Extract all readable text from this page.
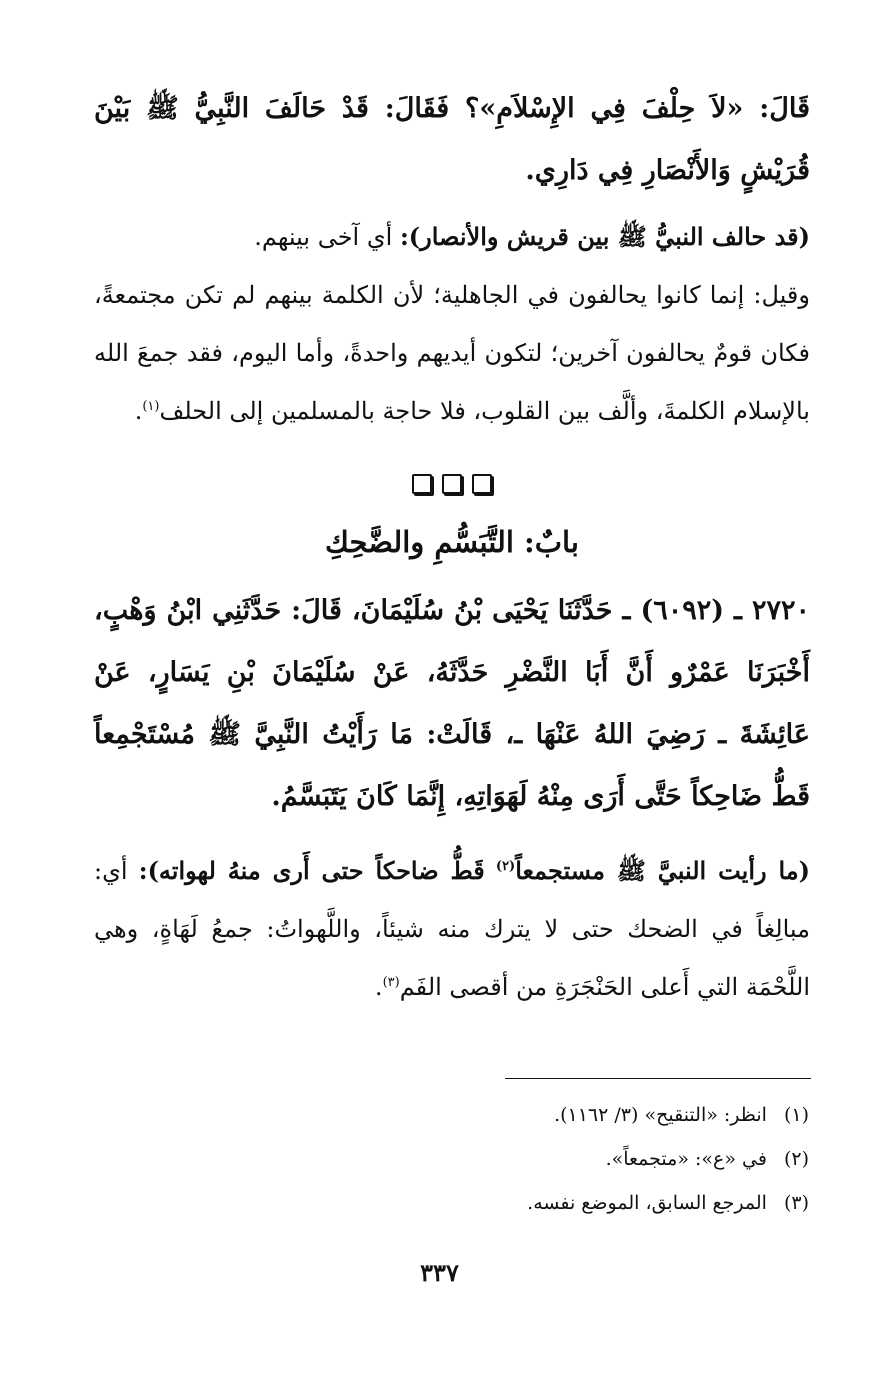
قَالَ: «لاَ حِلْفَ فِي الإِسْلاَمِ»؟ فَقَالَ: قَدْ حَالَفَ النَّبِيُّ ﷺ بَيْنَ قُرَيْشٍ وَالأَنْصَارِ فِي دَارِي.

(قد حالف النبيُّ ﷺ بين قريش والأنصار): أي آخى بينهم.

وقيل: إنما كانوا يحالفون في الجاهلية؛ لأن الكلمة بينهم لم تكن مجتمعةً، فكان قومٌ يحالفون آخرين؛ لتكون أيديهم واحدةً، وأما اليوم، فقد جمعَ الله بالإسلام الكلمةَ، وألَّف بين القلوب، فلا حاجة بالمسلمين إلى الحلف$^{(١)}$.

بابٌ: التَّبَسُّمِ والضَّحِكِ

٢٧٢٠ ـ (٦٠٩٢) ـ حَدَّثَنَا يَحْيَى بْنُ سُلَيْمَانَ، قَالَ: حَدَّثَنِي ابْنُ وَهْبٍ، أَخْبَرَنَا عَمْرٌو أَنَّ أَبَا النَّضْرِ حَدَّثَهُ، عَنْ سُلَيْمَانَ بْنِ يَسَارٍ، عَنْ عَائِشَةَ ـ رَضِيَ اللهُ عَنْهَا ـ، قَالَتْ: مَا رَأَيْتُ النَّبِيَّ ﷺ مُسْتَجْمِعاً قَطُّ ضَاحِكاً حَتَّى أَرَى مِنْهُ لَهَوَاتِهِ، إِنَّمَا كَانَ يَتَبَسَّمُ.

(ما رأيت النبيَّ ﷺ مستجمعاً$^{(٢)}$ قَطُّ ضاحكاً حتى أَرى منهُ لهواته): أي: مبالِغاً في الضحك حتى لا يترك منه شيئاً، واللَّهواتُ: جمعُ لَهَاةٍ، وهي اللَّحْمَة التي أَعلى الحَنْجَرَةِ من أقصى الفَم$^{(٣)}$.

(١) انظر: «التنقيح» (٣/ ١١٦٢).
(٢) في «ع»: «متجمعاً».
(٣) المرجع السابق، الموضع نفسه.
٣٣٧
